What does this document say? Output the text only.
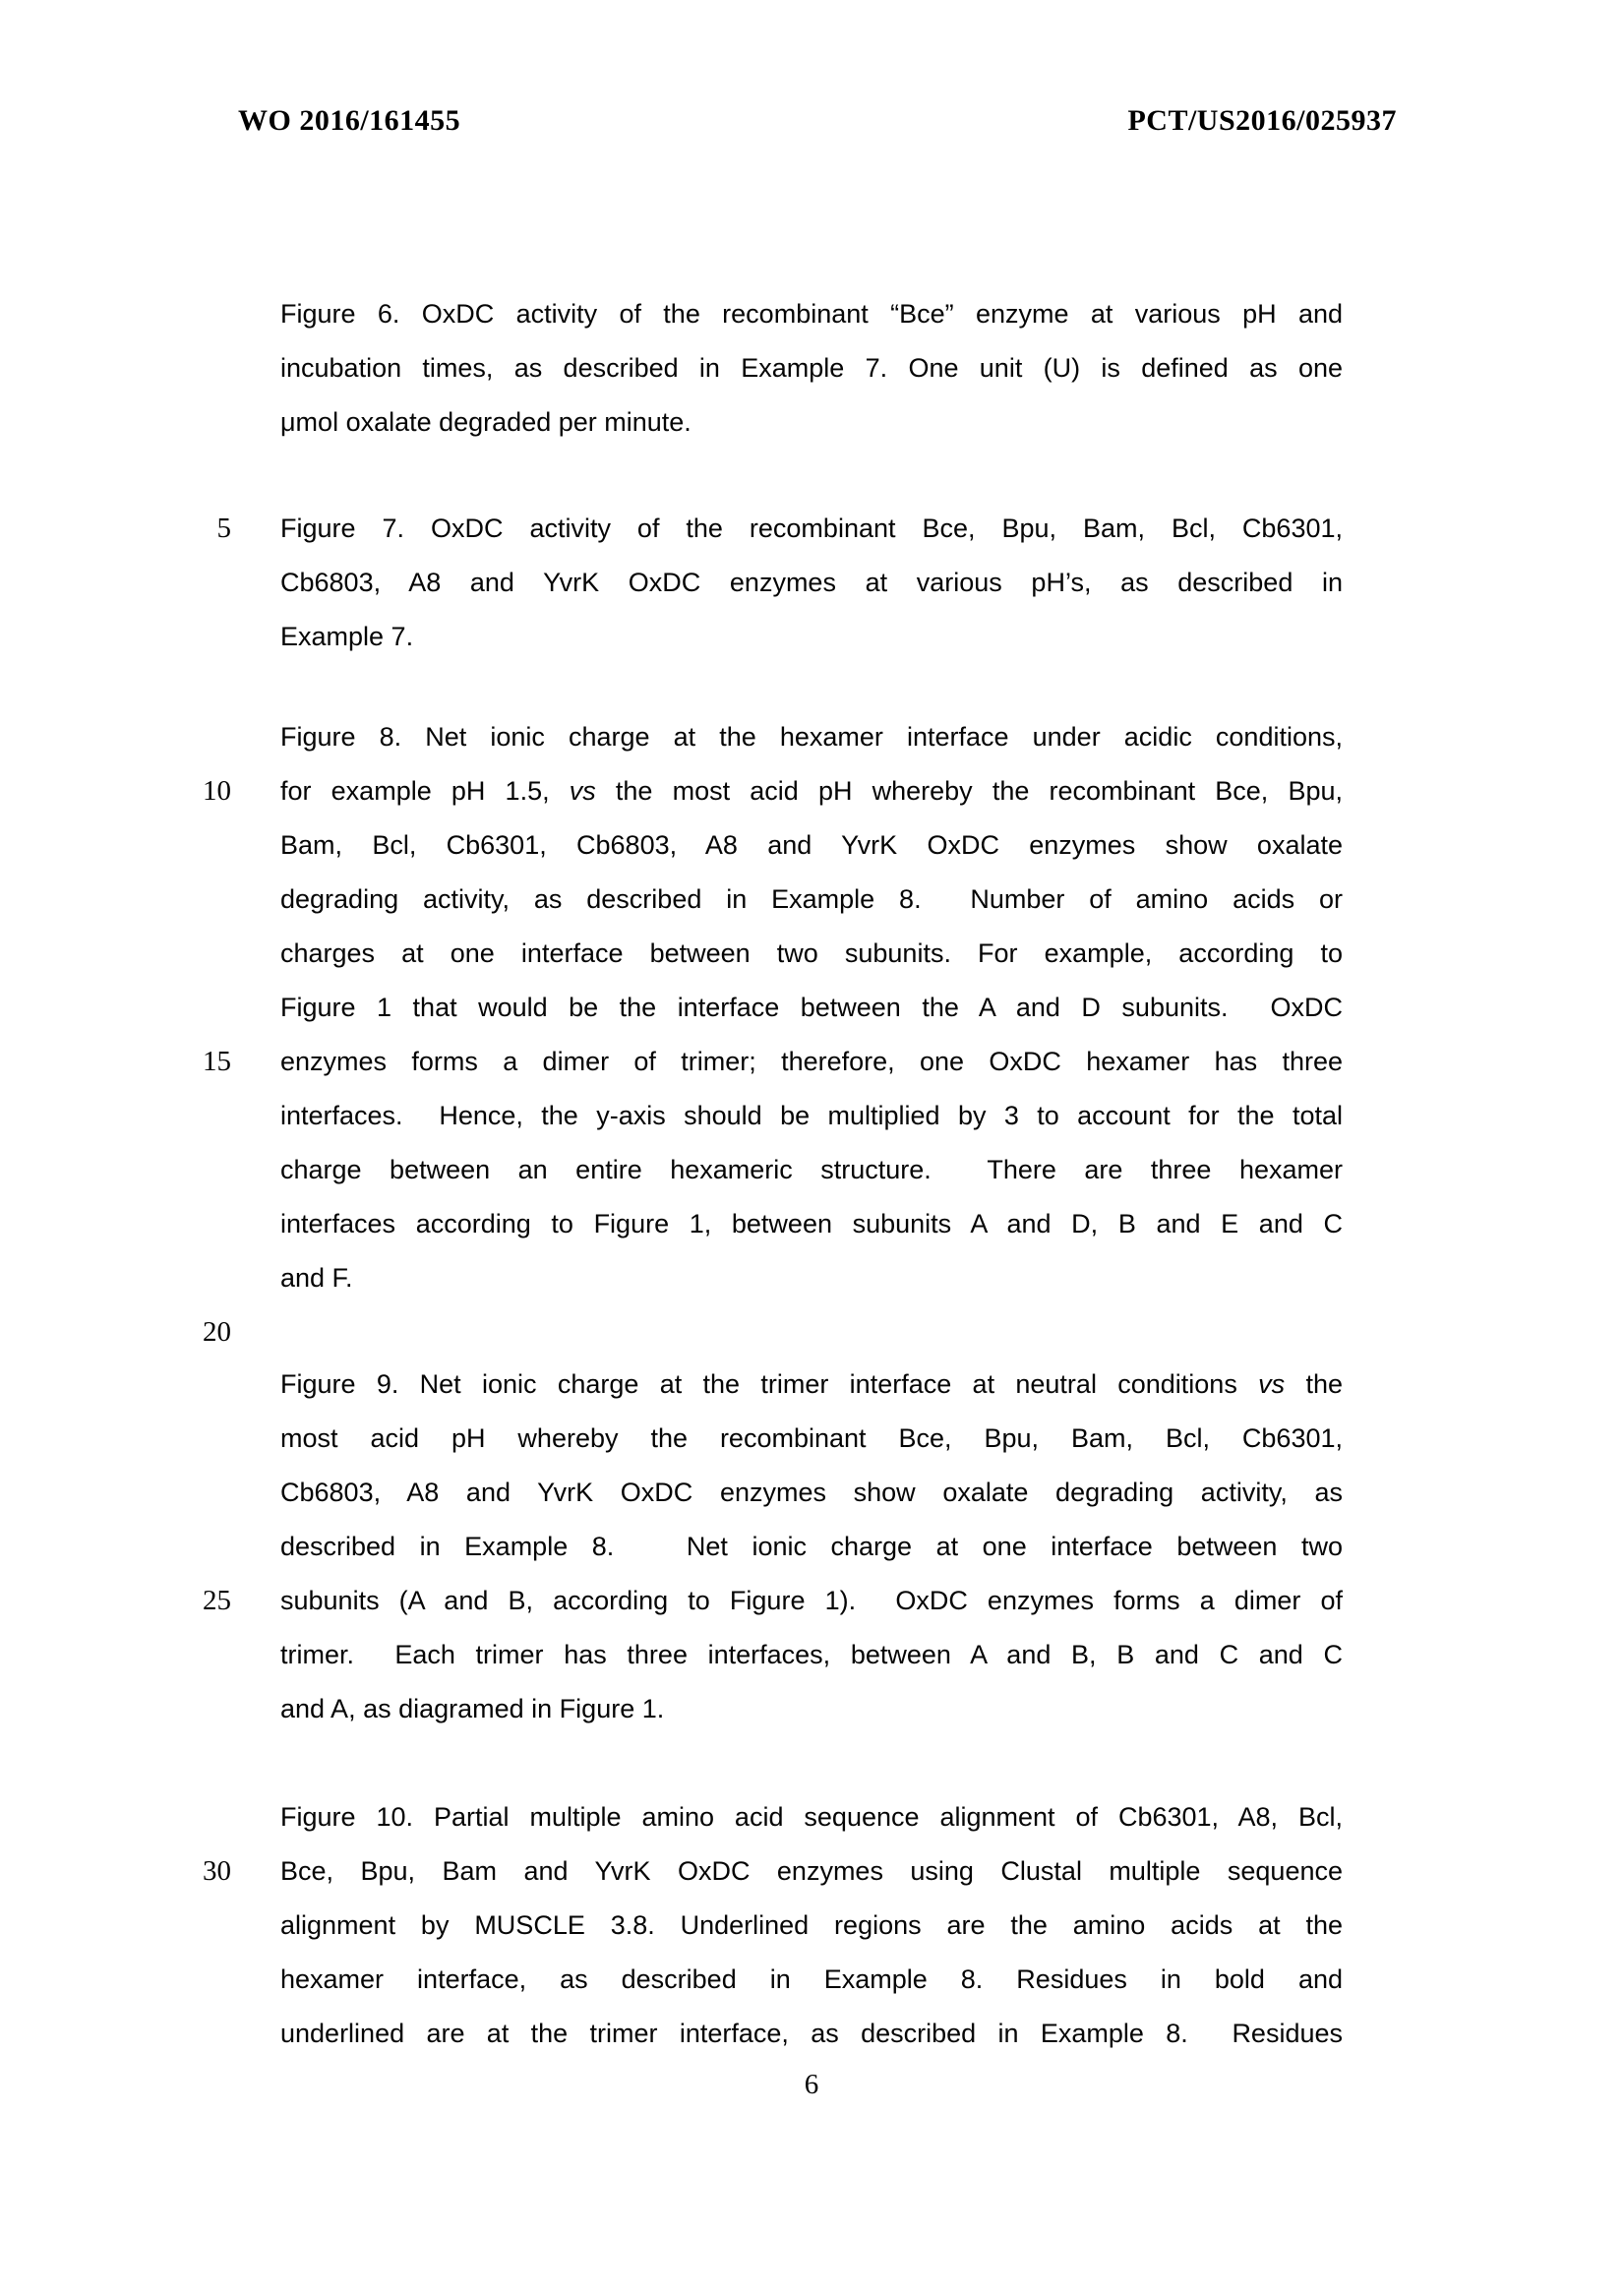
WO 2016/161455	PCT/US2016/025937
5
10
15
20
25
30
Figure 6. OxDC activity of the recombinant “Bce” enzyme at various pH and
incubation times, as described in Example 7. One unit (U) is defined as one
μmol oxalate degraded per minute.
Figure 7. OxDC activity of the recombinant Bce, Bpu, Bam, Bcl, Cb6301,
Cb6803, A8 and YvrK OxDC enzymes at various pH’s, as described in
Example 7.
Figure 8. Net ionic charge at the hexamer interface under acidic conditions,
for example pH 1.5, vs the most acid pH whereby the recombinant Bce, Bpu,
Bam, Bcl, Cb6301, Cb6803, A8 and YvrK OxDC enzymes show oxalate
degrading activity, as described in Example 8.  Number of amino acids or
charges at one interface between two subunits. For example, according to
Figure 1 that would be the interface between the A and D subunits.  OxDC
enzymes forms a dimer of trimer; therefore, one OxDC hexamer has three
interfaces.  Hence, the y-axis should be multiplied by 3 to account for the total
charge between an entire hexameric structure.  There are three hexamer
interfaces according to Figure 1, between subunits A and D, B and E and C
and F.
Figure 9. Net ionic charge at the trimer interface at neutral conditions vs the
most acid pH whereby the recombinant Bce, Bpu, Bam, Bcl, Cb6301,
Cb6803, A8 and YvrK OxDC enzymes show oxalate degrading activity, as
described in Example 8.   Net ionic charge at one interface between two
subunits (A and B, according to Figure 1).  OxDC enzymes forms a dimer of
trimer.  Each trimer has three interfaces, between A and B, B and C and C
and A, as diagramed in Figure 1.
Figure 10. Partial multiple amino acid sequence alignment of Cb6301, A8, Bcl,
Bce, Bpu, Bam and YvrK OxDC enzymes using Clustal multiple sequence
alignment by MUSCLE 3.8. Underlined regions are the amino acids at the
hexamer interface, as described in Example 8. Residues in bold and
underlined are at the trimer interface, as described in Example 8.  Residues
6
